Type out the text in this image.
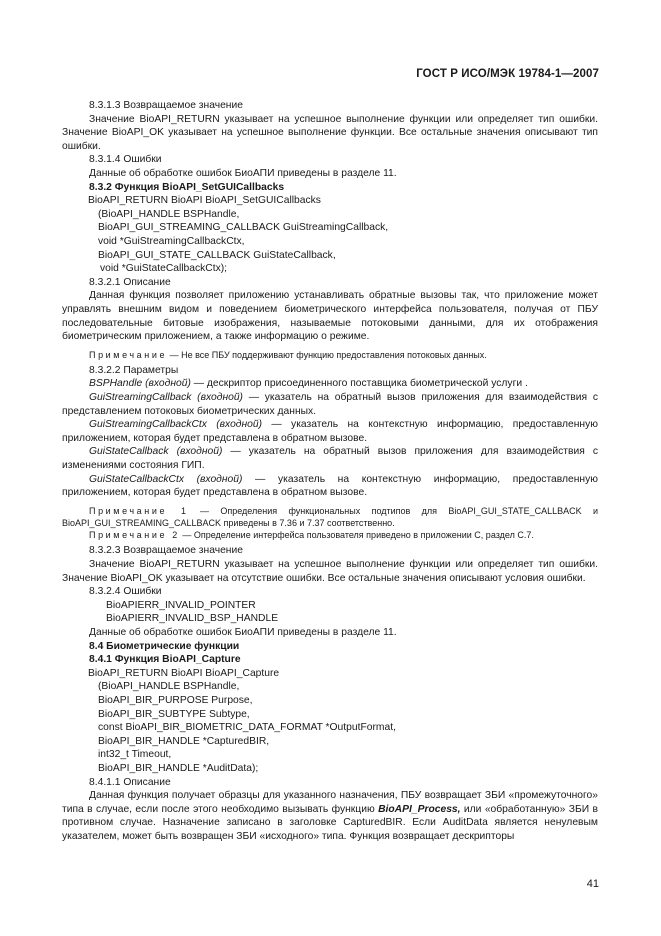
ГОСТ Р ИСО/МЭК 19784-1—2007

8.3.1.3 Возвращаемое значение

Значение BioAPI_RETURN указывает на успешное выполнение функции или определяет тип ошибки. Значение BioAPI_OK указывает на успешное выполнение функции. Все остальные значения описывают тип ошибки.

8.3.1.4 Ошибки

Данные об обработке ошибок БиоАПИ приведены в разделе 11.

8.3.2 Функция BioAPI_SetGUICallbacks

BioAPI_RETURN BioAPI BioAPI_SetGUICallbacks

(BioAPI_HANDLE BSPHandle,

BioAPI_GUI_STREAMING_CALLBACK GuiStreamingCallback,

void *GuiStreamingCallbackCtx,

BioAPI_GUI_STATE_CALLBACK GuiStateCallback,

void *GuiStateCallbackCtx);

8.3.2.1 Описание

Данная функция позволяет приложению устанавливать обратные вызовы так, что приложение может управлять внешним видом и поведением биометрического интерфейса пользователя, получая от ПБУ последовательные битовые изображения, называемые потоковыми данными, для их отображения биометрическим приложением, а также информацию о режиме.

Примечание — Не все ПБУ поддерживают функцию предоставления потоковых данных.

8.3.2.2 Параметры

BSPHandle (входной) — дескриптор присоединенного поставщика биометрической услуги .

GuiStreamingCallback (входной) — указатель на обратный вызов приложения для взаимодействия с представлением потоковых биометрических данных.

GuiStreamingCallbackCtx (входной) — указатель на контекстную информацию, предоставленную приложением, которая будет представлена в обратном вызове.

GuiStateCallback (входной) — указатель на обратный вызов приложения для взаимодействия с изменениями состояния ГИП.

GuiStateCallbackCtx (входной) — указатель на контекстную информацию, предоставленную приложением, которая будет представлена в обратном вызове.

Примечание 1 — Определения функциональных подтипов для BioAPI_GUI_STATE_CALLBACK и BioAPI_GUI_STREAMING_CALLBACK приведены в 7.36 и 7.37 соответственно.

Примечание 2 — Определение интерфейса пользователя приведено в приложении С, раздел С.7.

8.3.2.3 Возвращаемое значение

Значение BioAPI_RETURN указывает на успешное выполнение функции или определяет тип ошибки. Значение BioAPI_OK указывает на отсутствие ошибки. Все остальные значения описывают условия ошибки.

8.3.2.4 Ошибки

BioAPIERR_INVALID_POINTER

BioAPIERR_INVALID_BSP_HANDLE

Данные об обработке ошибок БиоАПИ приведены в разделе 11.

8.4 Биометрические функции

8.4.1 Функция BioAPI_Capture

BioAPI_RETURN BioAPI BioAPI_Capture

(BioAPI_HANDLE BSPHandle,

BioAPI_BIR_PURPOSE Purpose,

BioAPI_BIR_SUBTYPE Subtype,

const BioAPI_BIR_BIOMETRIC_DATA_FORMAT *OutputFormat,

BioAPI_BIR_HANDLE *CapturedBIR,

int32_t Timeout,

BioAPI_BIR_HANDLE *AuditData);

8.4.1.1 Описание

Данная функция получает образцы для указанного назначения, ПБУ возвращает ЗБИ «промежуточного» типа в случае, если после этого необходимо вызывать функцию BioAPI_Process, или «обработанную» ЗБИ в противном случае. Назначение записано в заголовке CapturedBIR. Если AuditData является ненулевым указателем, может быть возвращен ЗБИ «исходного» типа. Функция возвращает дескрипторы

41
